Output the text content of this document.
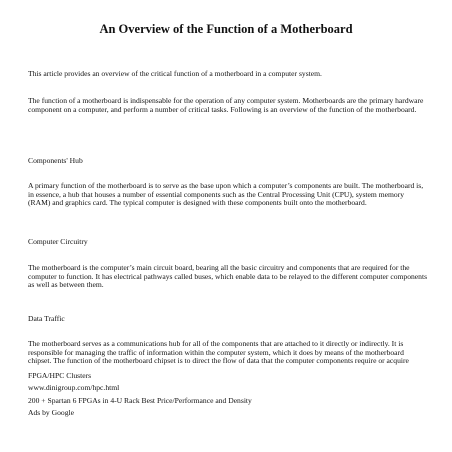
An Overview of the Function of a Motherboard
This article provides an overview of the critical function of a motherboard in a computer system.
The function of a motherboard is indispensable for the operation of any computer system. Motherboards are the primary hardware component on a computer, and perform a number of critical tasks. Following is an overview of the function of the motherboard.
Components' Hub
A primary function of the motherboard is to serve as the base upon which a computer’s components are built. The motherboard is, in essence, a hub that houses a number of essential components such as the Central Processing Unit (CPU), system memory (RAM) and graphics card. The typical computer is designed with these components built onto the motherboard.
Computer Circuitry
The motherboard is the computer’s main circuit board, bearing all the basic circuitry and components that are required for the computer to function. It has electrical pathways called buses, which enable data to be relayed to the different computer components as well as between them.
Data Traffic
The motherboard serves as a communications hub for all of the components that are attached to it directly or indirectly. It is responsible for managing the traffic of information within the computer system, which it does by means of the motherboard chipset. The function of the motherboard chipset is to direct the flow of data that the computer components require or acquire
FPGA/HPC Clusters
www.dinigroup.com/hpc.html
200 + Spartan 6 FPGAs in 4-U Rack Best Price/Performance and Density
Ads by Google
